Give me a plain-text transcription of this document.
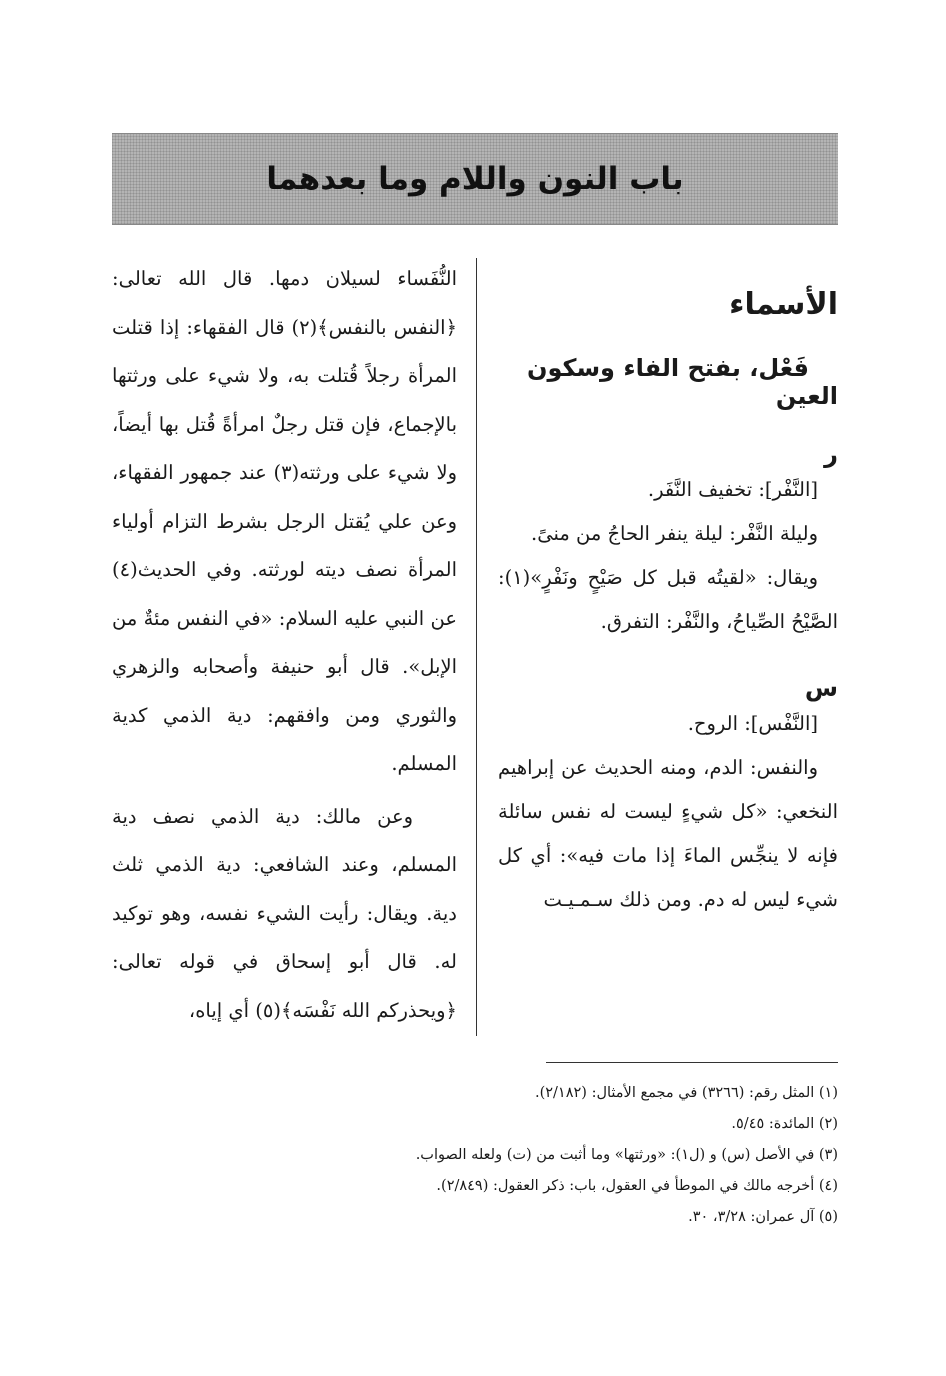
باب النون واللام وما بعدهما

الأسماء

فَعْل، بفتح الفاء وسكون العين

ر

[النَّفْر]: تخفيف النَّفَر.

وليلة النَّفْر: ليلة ينفر الحاجُ من منىً.

ويقال: «لقيتُه قبل كل صَيْحٍ ونَفْرٍ»(١): الصَّيْحُ الصِّياحُ، والنَّفْر: التفرق.

س

[النَّفْس]: الروح.

والنفس: الدم، ومنه الحديث عن إبراهيم النخعي: «كل شيءٍ ليست له نفس سائلة فإنه لا ينجِّس الماءَ إذا مات فيه»: أي كل شيء ليس له دم. ومن ذلك سـمـيـت

النُّفَساء لسيلان دمها. قال الله تعالى: ﴿النفس بالنفس﴾(٢) قال الفقهاء: إذا قتلت المرأة رجلاً قُتلت به، ولا شيء على ورثتها بالإجماع، فإن قتل رجلٌ امرأةً قُتل بها أيضاً، ولا شيء على ورثته(٣) عند جمهور الفقهاء، وعن علي يُقتل الرجل بشرط التزام أولياء المرأة نصف ديته لورثته. وفي الحديث(٤) عن النبي عليه السلام: «في النفس مئةٌ من الإبل». قال أبو حنيفة وأصحابه والزهري والثوري ومن وافقهم: دية الذمي كدية المسلم.

وعن مالك: دية الذمي نصف دية المسلم، وعند الشافعي: دية الذمي ثلث دية. ويقال: رأيت الشيء نفسه، وهو توكيد له. قال أبو إسحاق في قوله تعالى: ﴿ويحذركم الله نَفْسَه﴾(٥) أي إياه،

(١) المثل رقم: (٣٢٦٦) في مجمع الأمثال: (٢/١٨٢).

(٢) المائدة: ٥/٤٥.

(٣) في الأصل (س) و (ل١): «ورثتها» وما أثبت من (ت) ولعله الصواب.

(٤) أخرجه مالك في الموطأ في العقول، باب: ذكر العقول: (٢/٨٤٩).

(٥) آل عمران: ٣/٢٨، ٣٠.
